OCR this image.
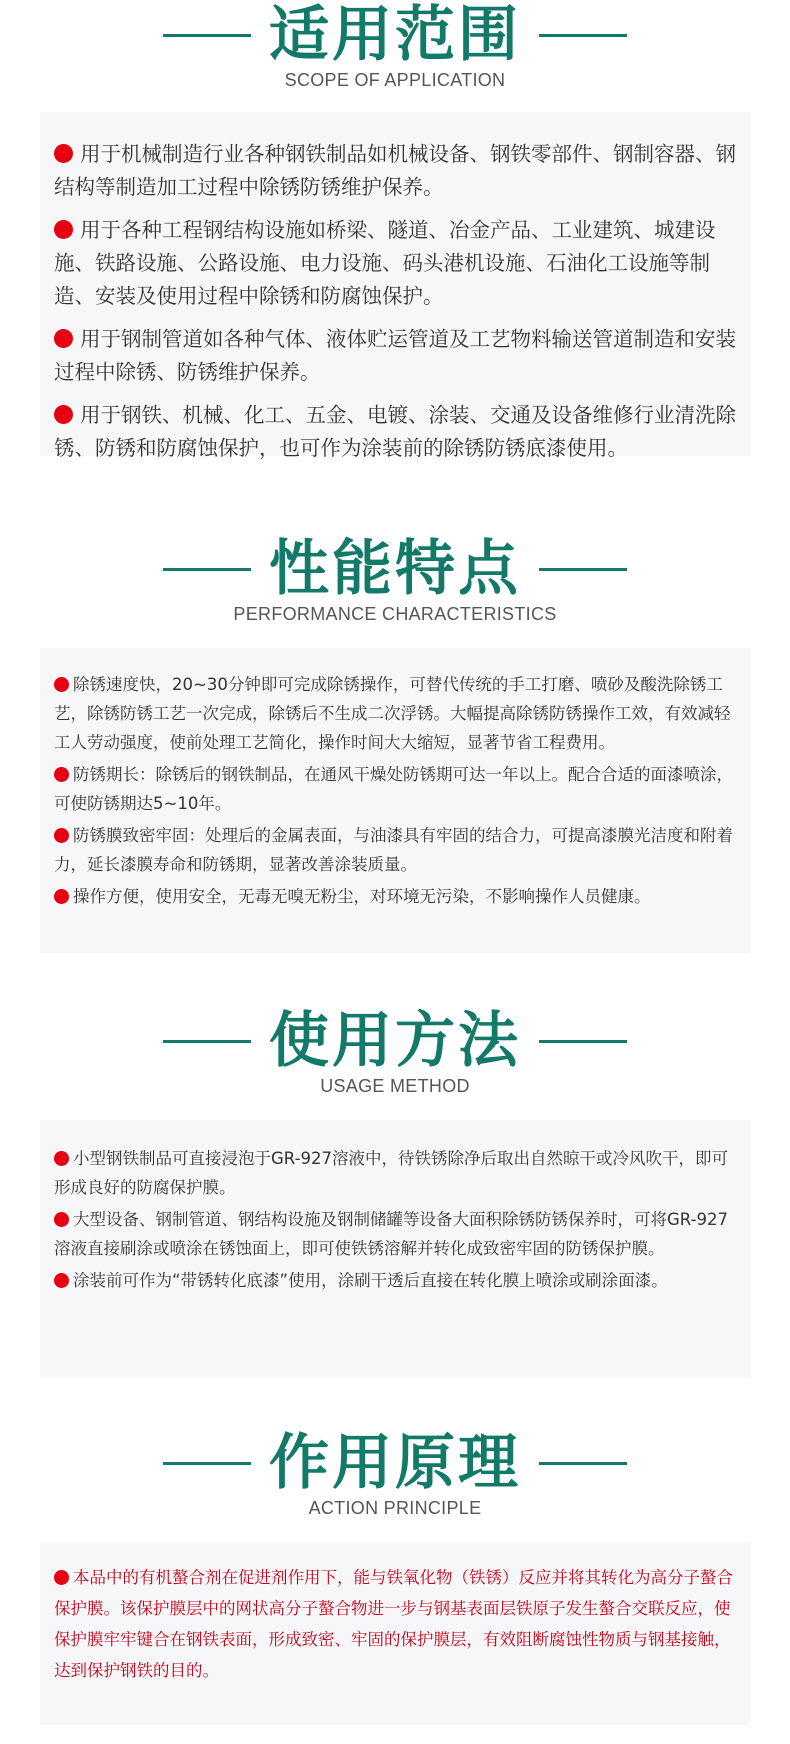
适用范围
SCOPE OF APPLICATION

用于机械制造行业各种钢铁制品如机械设备、钢铁零部件、钢制容器、钢结构等制造加工过程中除锈防锈维护保养。

用于各种工程钢结构设施如桥梁、隧道、冶金产品、工业建筑、城建设施、铁路设施、公路设施、电力设施、码头港机设施、石油化工设施等制造、安装及使用过程中除锈和防腐蚀保护。

用于钢制管道如各种气体、液体贮运管道及工艺物料输送管道制造和安装过程中除锈、防锈维护保养。

用于钢铁、机械、化工、五金、电镀、涂装、交通及设备维修行业清洗除锈、防锈和防腐蚀保护，也可作为涂装前的除锈防锈底漆使用。

性能特点
PERFORMANCE CHARACTERISTICS

除锈速度快，20~30分钟即可完成除锈操作，可替代传统的手工打磨、喷砂及酸洗除锈工艺，除锈防锈工艺一次完成，除锈后不生成二次浮锈。大幅提高除锈防锈操作工效，有效减轻工人劳动强度，使前处理工艺简化，操作时间大大缩短，显著节省工程费用。

防锈期长：除锈后的钢铁制品，在通风干燥处防锈期可达一年以上。配合合适的面漆喷涂，可使防锈期达5~10年。

防锈膜致密牢固：处理后的金属表面，与油漆具有牢固的结合力，可提高漆膜光洁度和附着力，延长漆膜寿命和防锈期，显著改善涂装质量。

操作方便，使用安全，无毒无嗅无粉尘，对环境无污染，不影响操作人员健康。

使用方法
USAGE METHOD

小型钢铁制品可直接浸泡于GR-927溶液中，待铁锈除净后取出自然晾干或冷风吹干，即可形成良好的防腐保护膜。

大型设备、钢制管道、钢结构设施及钢制储罐等设备大面积除锈防锈保养时，可将GR-927溶液直接刷涂或喷涂在锈蚀面上，即可使铁锈溶解并转化成致密牢固的防锈保护膜。

涂装前可作为“带锈转化底漆”使用，涂刷干透后直接在转化膜上喷涂或刷涂面漆。

作用原理
ACTION PRINCIPLE

本品中的有机螯合剂在促进剂作用下，能与铁氧化物（铁锈）反应并将其转化为高分子螯合保护膜。该保护膜层中的网状高分子螯合物进一步与钢基表面层铁原子发生螯合交联反应，使保护膜牢牢键合在钢铁表面，形成致密、牢固的保护膜层，有效阻断腐蚀性物质与钢基接触，达到保护钢铁的目的。
